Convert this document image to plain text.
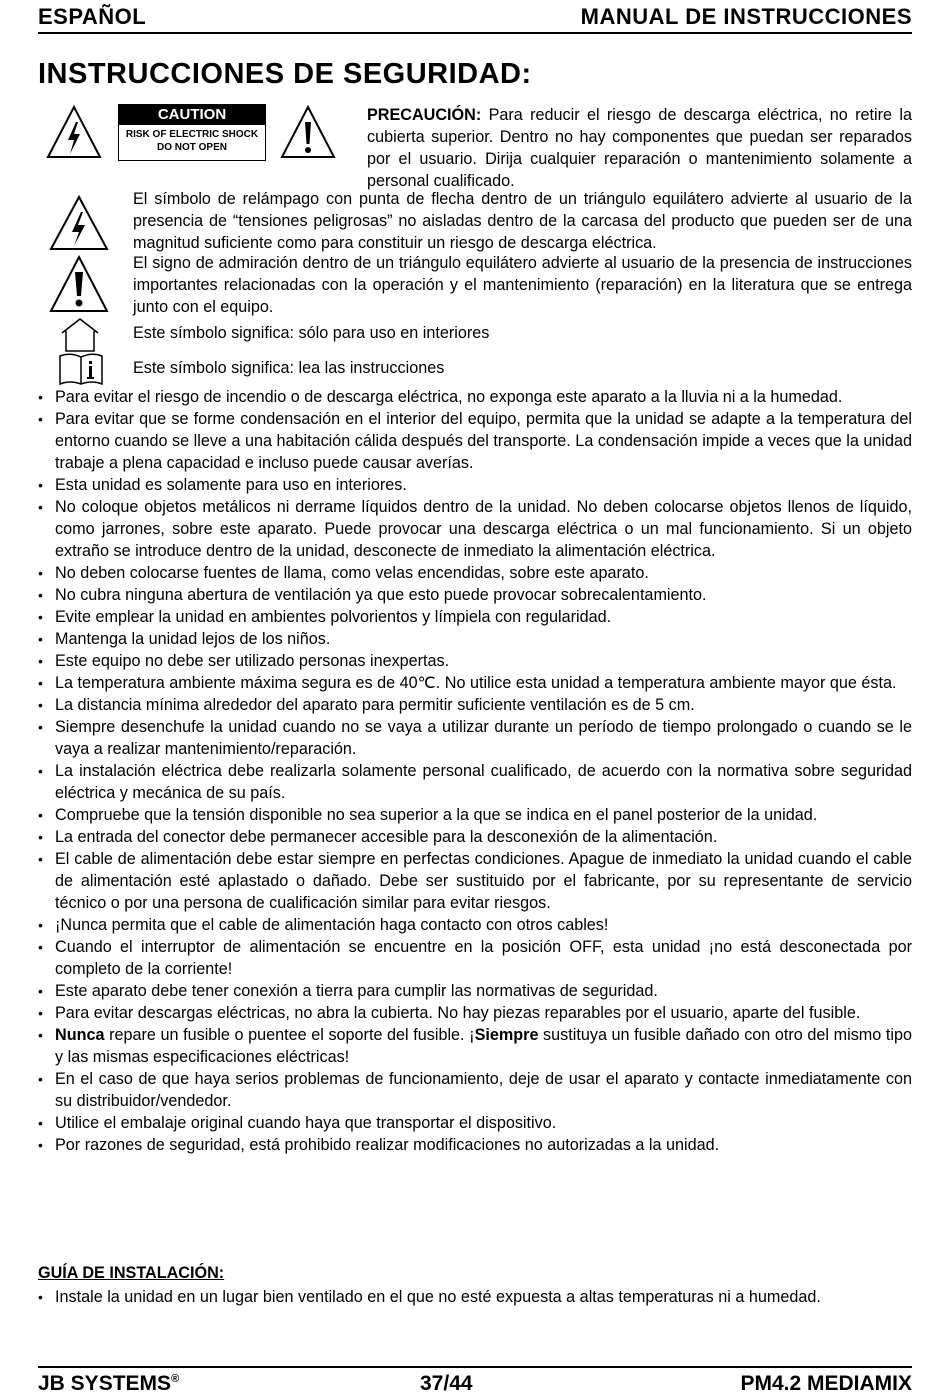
ESPAÑOL	MANUAL DE INSTRUCCIONES
INSTRUCCIONES DE SEGURIDAD:
CAUTION
RISK OF ELECTRIC SHOCK
DO NOT OPEN
PRECAUCIÓN: Para reducir el riesgo de descarga eléctrica, no retire la cubierta superior. Dentro no hay componentes que puedan ser reparados por el usuario. Dirija cualquier reparación o mantenimiento solamente a personal cualificado.
El símbolo de relámpago con punta de flecha dentro de un triángulo equilátero advierte al usuario de la presencia de “tensiones peligrosas” no aisladas dentro de la carcasa del producto que pueden ser de una magnitud suficiente como para constituir un riesgo de descarga eléctrica.
El signo de admiración dentro de un triángulo equilátero advierte al usuario de la presencia de instrucciones importantes relacionadas con la operación y el mantenimiento (reparación) en la literatura que se entrega junto con el equipo.
Este símbolo significa: sólo para uso en interiores
Este símbolo significa: lea las instrucciones
• Para evitar el riesgo de incendio o de descarga eléctrica, no exponga este aparato a la lluvia ni a la humedad.
• Para evitar que se forme condensación en el interior del equipo, permita que la unidad se adapte a la temperatura del entorno cuando se lleve a una habitación cálida después del transporte. La condensación impide a veces que la unidad trabaje a plena capacidad e incluso puede causar averías.
• Esta unidad es solamente para uso en interiores.
• No coloque objetos metálicos ni derrame líquidos dentro de la unidad. No deben colocarse objetos llenos de líquido, como jarrones, sobre este aparato. Puede provocar una descarga eléctrica o un mal funcionamiento. Si un objeto extraño se introduce dentro de la unidad, desconecte de inmediato la alimentación eléctrica.
• No deben colocarse fuentes de llama, como velas encendidas, sobre este aparato.
• No cubra ninguna abertura de ventilación ya que esto puede provocar sobrecalentamiento.
• Evite emplear la unidad en ambientes polvorientos y límpiela con regularidad.
• Mantenga la unidad lejos de los niños.
• Este equipo no debe ser utilizado personas inexpertas.
• La temperatura ambiente máxima segura es de 40℃. No utilice esta unidad a temperatura ambiente mayor que ésta.
• La distancia mínima alrededor del aparato para permitir suficiente ventilación es de 5 cm.
• Siempre desenchufe la unidad cuando no se vaya a utilizar durante un período de tiempo prolongado o cuando se le vaya a realizar mantenimiento/reparación.
• La instalación eléctrica debe realizarla solamente personal cualificado, de acuerdo con la normativa sobre seguridad eléctrica y mecánica de su país.
• Compruebe que la tensión disponible no sea superior a la que se indica en el panel posterior de la unidad.
• La entrada del conector debe permanecer accesible para la desconexión de la alimentación.
• El cable de alimentación debe estar siempre en perfectas condiciones. Apague de inmediato la unidad cuando el cable de alimentación esté aplastado o dañado. Debe ser sustituido por el fabricante, por su representante de servicio técnico o por una persona de cualificación similar para evitar riesgos.
• ¡Nunca permita que el cable de alimentación haga contacto con otros cables!
• Cuando el interruptor de alimentación se encuentre en la posición OFF, esta unidad ¡no está desconectada por completo de la corriente!
• Este aparato debe tener conexión a tierra para cumplir las normativas de seguridad.
• Para evitar descargas eléctricas, no abra la cubierta. No hay piezas reparables por el usuario, aparte del fusible.
• Nunca repare un fusible o puentee el soporte del fusible. ¡Siempre sustituya un fusible dañado con otro del mismo tipo y las mismas especificaciones eléctricas!
• En el caso de que haya serios problemas de funcionamiento, deje de usar el aparato y contacte inmediatamente con su distribuidor/vendedor.
• Utilice el embalaje original cuando haya que transportar el dispositivo.
• Por razones de seguridad, está prohibido realizar modificaciones no autorizadas a la unidad.
GUÍA DE INSTALACIÓN:
• Instale la unidad en un lugar bien ventilado en el que no esté expuesta a altas temperaturas ni a humedad.
JB SYSTEMS®	37/44	PM4.2 MEDIAMIX
